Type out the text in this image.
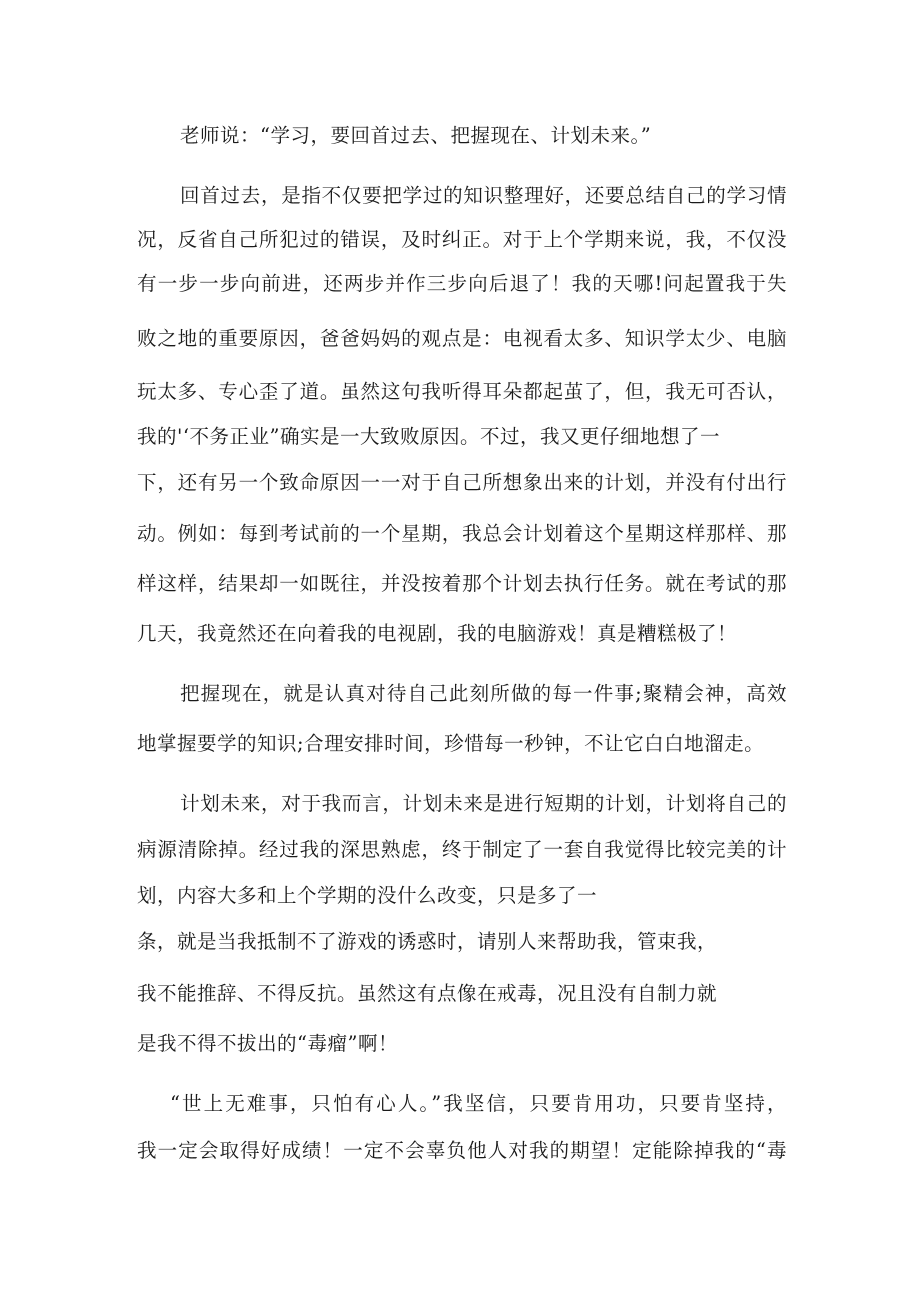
老师说：“学习，要回首过去、把握现在、计划未来。”
回首过去，是指不仅要把学过的知识整理好，还要总结自己的学习情
况，反省自己所犯过的错误，及时纠正。对于上个学期来说，我，不仅没
有一步一步向前进，还两步并作三步向后退了！我的天哪!问起置我于失
败之地的重要原因，爸爸妈妈的观点是：电视看太多、知识学太少、电脑
玩太多、专心歪了道。虽然这句我听得耳朵都起茧了，但，我无可否认，
我的'‘不务正业”确实是一大致败原因。不过，我又更仔细地想了一
下，还有另一个致命原因一一对于自己所想象出来的计划，并没有付出行
动。例如：每到考试前的一个星期，我总会计划着这个星期这样那样、那
样这样，结果却一如既往，并没按着那个计划去执行任务。就在考试的那
几天，我竟然还在向着我的电视剧，我的电脑游戏！真是糟糕极了！
把握现在，就是认真对待自己此刻所做的每一件事;聚精会神，高效
地掌握要学的知识;合理安排时间，珍惜每一秒钟，不让它白白地溜走。
计划未来，对于我而言，计划未来是进行短期的计划，计划将自己的
病源清除掉。经过我的深思熟虑，终于制定了一套自我觉得比较完美的计
划，内容大多和上个学期的没什么改变，只是多了一
条，就是当我抵制不了游戏的诱惑时，请别人来帮助我，管束我，
我不能推辞、不得反抗。虽然这有点像在戒毒，况且没有自制力就
是我不得不拔出的“毒瘤”啊！
“世上无难事，只怕有心人。”我坚信，只要肯用功，只要肯坚持，
我一定会取得好成绩！一定不会辜负他人对我的期望！定能除掉我的“毒
